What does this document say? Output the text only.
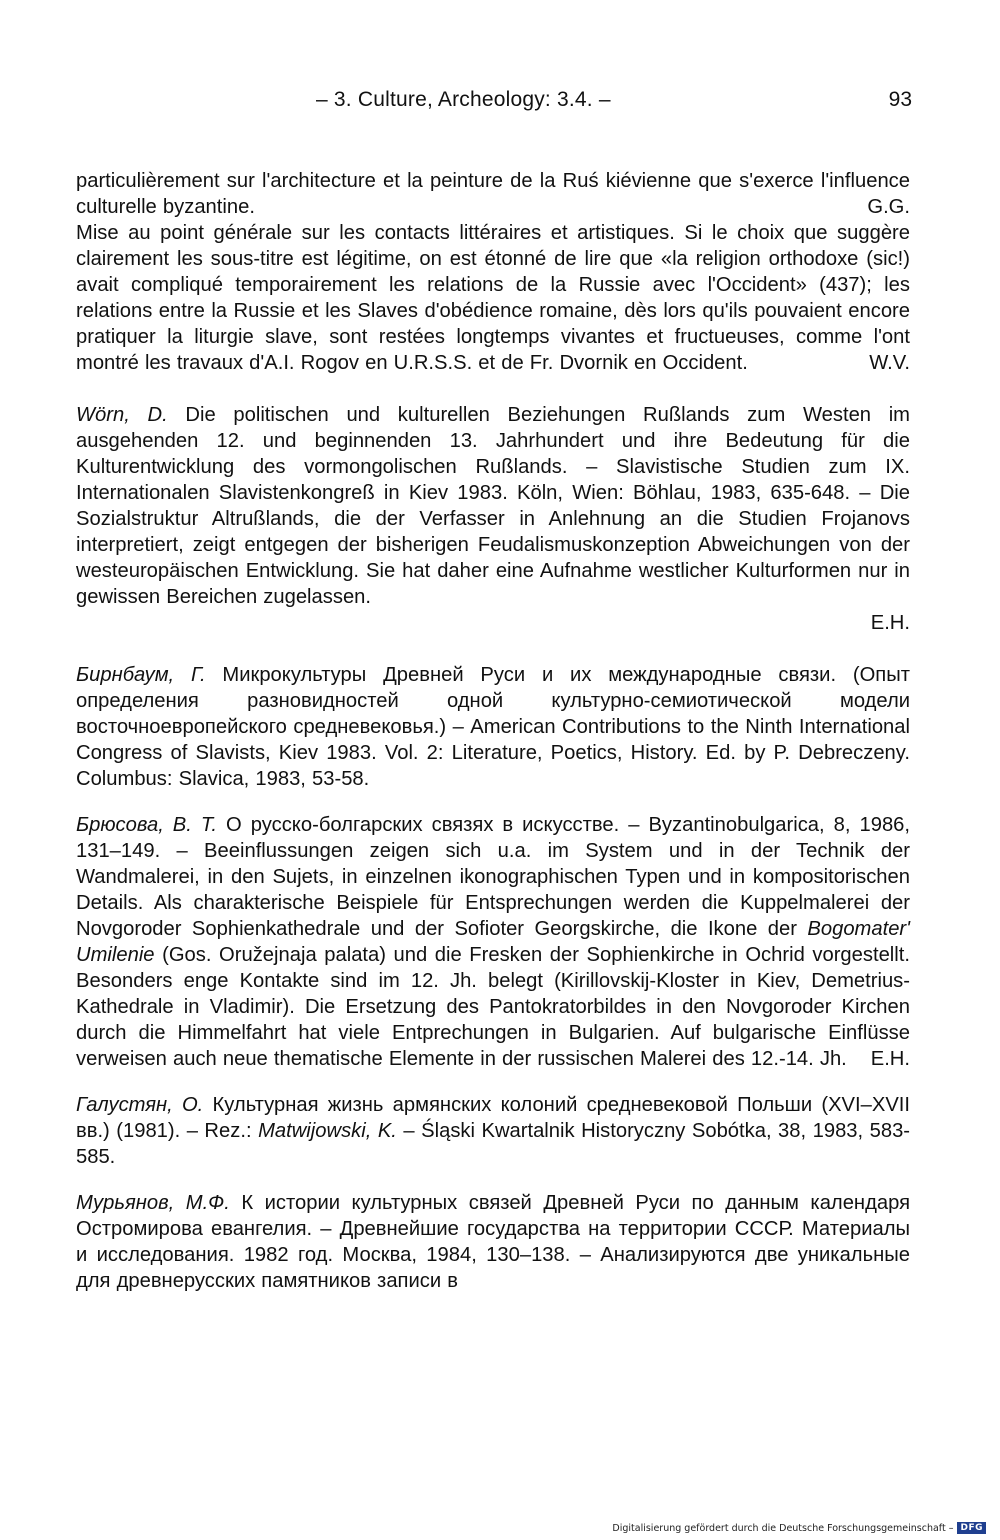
– 3. Culture, Archeology: 3.4. –	93

particulièrement sur l'architecture et la peinture de la Ruś kiévienne que s'exerce l'influence culturelle byzantine.	G.G.

Mise au point générale sur les contacts littéraires et artistiques. Si le choix que suggère clairement les sous-titre est légitime, on est étonné de lire que «la religion orthodoxe (sic!) avait compliqué temporairement les relations de la Russie avec l'Occident» (437); les relations entre la Russie et les Slaves d'obédience romaine, dès lors qu'ils pouvaient encore pratiquer la liturgie slave, sont restées longtemps vivantes et fructueuses, comme l'ont montré les travaux d'A.I. Rogov en U.R.S.S. et de Fr. Dvornik en Occident.	W.V.

Wörn, D. Die politischen und kulturellen Beziehungen Rußlands zum Westen im ausgehenden 12. und beginnenden 13. Jahrhundert und ihre Bedeutung für die Kulturentwicklung des vormongolischen Rußlands. – Slavistische Studien zum IX. Internationalen Slavistenkongreß in Kiev 1983. Köln, Wien: Böhlau, 1983, 635-648. – Die Sozialstruktur Altrußlands, die der Verfasser in Anlehnung an die Studien Frojanovs interpretiert, zeigt entgegen der bisherigen Feudalismuskonzeption Abweichungen von der westeuropäischen Entwicklung. Sie hat daher eine Aufnahme westlicher Kulturformen nur in gewissen Bereichen zugelassen.

E.H.

Бирнбаум, Г. Микрокультуры Древней Руси и их международные связи. (Опыт определения разновидностей одной культурно-семиотической модели восточноевропейского средневековья.) – American Contributions to the Ninth International Congress of Slavists, Kiev 1983. Vol. 2: Literature, Poetics, History. Ed. by P. Debreczeny. Columbus: Slavica, 1983, 53-58.

Брюсова, В. Т. О русско-болгарских связях в искусстве. – Byzantinobulgarica, 8, 1986, 131–149. – Beeinflussungen zeigen sich u.a. im System und in der Technik der Wandmalerei, in den Sujets, in einzelnen ikonographischen Typen und in kompositorischen Details. Als charakterische Beispiele für Entsprechungen werden die Kuppelmalerei der Novgoroder Sophienkathedrale und der Sofioter Georgskirche, die Ikone der Bogomater' Umilenie (Gos. Oružejnaja palata) und die Fresken der Sophienkirche in Ochrid vorgestellt. Besonders enge Kontakte sind im 12. Jh. belegt (Kirillovskij-Kloster in Kiev, Demetrius-Kathedrale in Vladimir). Die Ersetzung des Pantokratorbildes in den Novgoroder Kirchen durch die Himmelfahrt hat viele Entprechungen in Bulgarien. Auf bulgarische Einflüsse verweisen auch neue thematische Elemente in der russischen Malerei des 12.-14. Jh. E.H.

Галустян, О. Культурная жизнь армянских колоний средневековой Польши (XVI–XVII вв.) (1981). – Rez.: Matwijowski, K. – Śląski Kwartalnik Historyczny Sobótka, 38, 1983, 583-585.

Мурьянов, М.Ф. К истории культурных связей Древней Руси по данным календаря Остромирова евангелия. – Древнейшие государства на территории СССР. Материалы и исследования. 1982 год. Москва, 1984, 130–138. – Анализируются две уникальные для древнерусских памятников записи в

Digitalisierung gefördert durch die Deutsche Forschungsgemeinschaft – DFG
